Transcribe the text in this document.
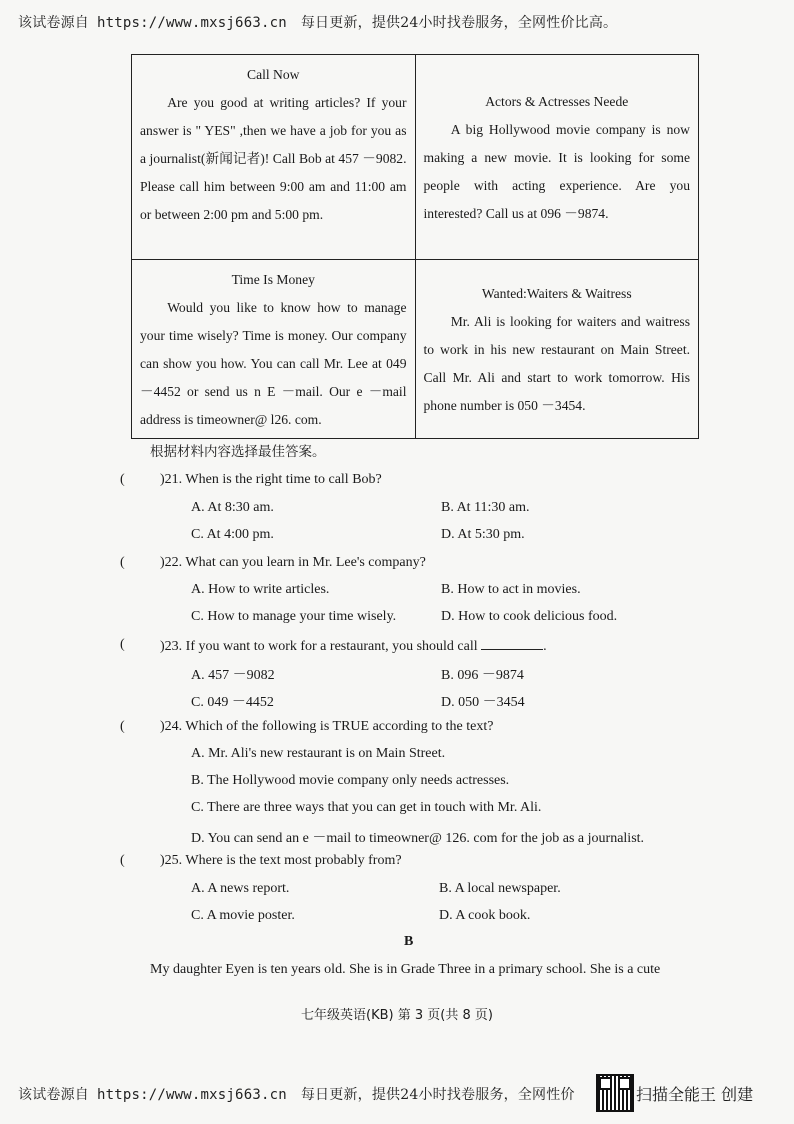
该试卷源自 https://www.mxsj663.cn 每日更新，提供24小时找卷服务，全网性价比高。
Call Now

Are you good at writing articles? If your answer is " YES" ,then we have a job for you as a journalist(新闻记者)! Call Bob at 457 －9082. Please call him between 9:00 am and 11:00 am or between 2:00 pm and 5:00 pm.	Actors & Actresses Neede

A big Hollywood movie company is now making a new movie. It is looking for some people with acting experience. Are you interested? Call us at 096 －9874.

Time Is Money

Would you like to know how to manage your time wisely? Time is money. Our company can show you how. You can call Mr. Lee at 049 －4452 or send us n E －mail. Our e －mail address is timeowner@ l26. com.	Wanted:Waiters & Waitress

Mr. Ali is looking for waiters and waitress to work in his new restaurant on Main Street. Call Mr. Ali and start to work tomorrow. His phone number is 050 －3454.

根据材料内容选择最佳答案。
(	)21. When is the right time to call Bob?
A. At 8:30 am.	B. At 11:30 am.
C. At 4:00 pm.	D. At 5:30 pm.
(	)22. What can you learn in Mr. Lee's company?
A. How to write articles.	B. How to act in movies.
C. How to manage your time wisely.	D. How to cook delicious food.
(	)23. If you want to work for a restaurant, you should call	.
A. 457 －9082	B. 096 －9874
C. 049 －4452	D. 050 －3454
(	)24. Which of the following is TRUE according to the text?
A. Mr. Ali's new restaurant is on Main Street.
B. The Hollywood movie company only needs actresses.
C. There are three ways that you can get in touch with Mr. Ali.
D. You can send an e －mail to timeowner@ 126. com for the job as a journalist.
(	)25. Where is the text most probably from?
A. A news report.	B. A local newspaper.
C. A movie poster.	D. A cook book.
B
My daughter Eyen is ten years old. She is in Grade Three in a primary school. She is a cute
七年级英语(KB) 第 3 页(共 8 页)
该试卷源自 https://www.mxsj663.cn 每日更新，提供24小时找卷服务，全网性价	扫描全能王 创建
